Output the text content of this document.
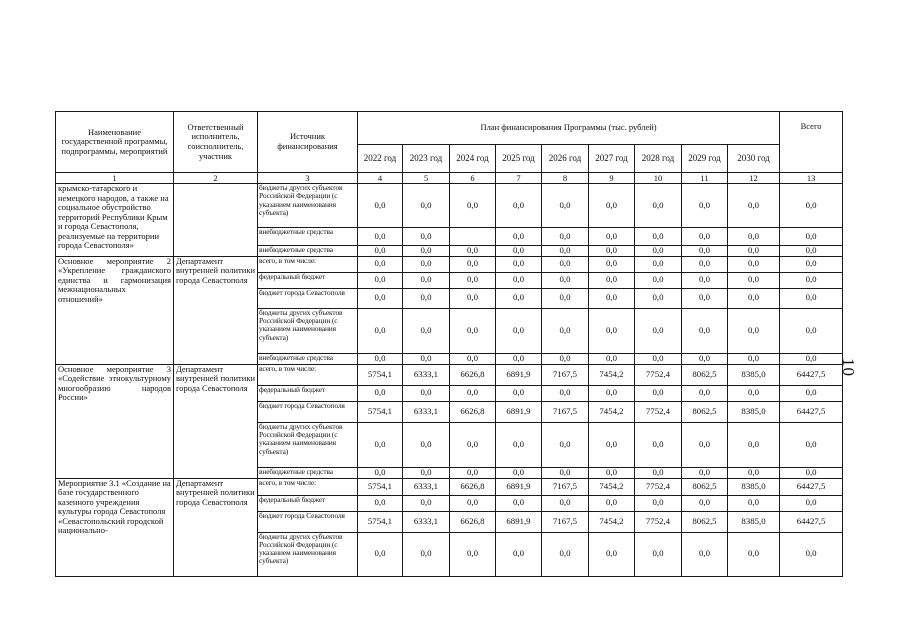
Наименование государственной программы, подпрограммы, мероприятий	Ответственный исполнитель, соисполнитель, участник	Источник финансирования	План финансирования Программы (тыс. рублей)									Всего
			2022 год	2023 год	2024 год	2025 год	2026 год	2027 год	2028 год	2029 год	2030 год	
1	2	3	4	5	6	7	8	9	10	11	12	13
крымско-татарского и немецкого народов, а также на социальное обустройство территорий Республики Крым и города Севастополя, реализуемые на территории города Севастополя»		бюджеты других субъектов Российской Федерации (с указанием наименования субъекта)	0,0	0,0	0,0	0,0	0,0	0,0	0,0	0,0	0,0	0,0
		внебюджетные средства	0,0	0,0		0,0	0,0	0,0	0,0	0,0	0,0	0,0
		внебюджетные средства	0,0	0,0	0,0	0,0	0,0	0,0	0,0	0,0	0,0	0,0
Основное мероприятие 2 «Укрепление гражданского единства и гармонизация межнациональных отношений»	Департамент внутренней политики города Севастополя	всего, в том числе:	0,0	0,0	0,0	0,0	0,0	0,0	0,0	0,0	0,0	0,0
		федеральный бюджет	0,0	0,0	0,0	0,0	0,0	0,0	0,0	0,0	0,0	0,0
		бюджет города Севастополя	0,0	0,0	0,0	0,0	0,0	0,0	0,0	0,0	0,0	0,0
		бюджеты других субъектов Российской Федерации (с указанием наименования субъекта)	0,0	0,0	0,0	0,0	0,0	0,0	0,0	0,0	0,0	0,0
		внебюджетные средства	0,0	0,0	0,0	0,0	0,0	0,0	0,0	0,0	0,0	0,0
Основное мероприятие 3 «Содействие этнокультурному многообразию народов России»	Департамент внутренней политики города Севастополя	всего, в том числе:	5754,1	6333,1	6626,8	6891,9	7167,5	7454,2	7752,4	8062,5	8385,0	64427,5
		федеральный бюджет	0,0	0,0	0,0	0,0	0,0	0,0	0,0	0,0	0,0	0,0
		бюджет города Севастополя	5754,1	6333,1	6626,8	6891,9	7167,5	7454,2	7752,4	8062,5	8385,0	64427,5
		бюджеты других субъектов Российской Федерации (с указанием наименования субъекта)	0,0	0,0	0,0	0,0	0,0	0,0	0,0	0,0	0,0	0,0
		внебюджетные средства	0,0	0,0	0,0	0,0	0,0	0,0	0,0	0,0	0,0	0,0
Мероприятие 3.1 «Создание на базе государственного казенного учреждения культуры города Севастополя «Севастопольский городской национально-	Департамент внутренней политики города Севастополя	всего, в том числе:	5754,1	6333,1	6626,8	6891,9	7167,5	7454,2	7752,4	8062,5	8385,0	64427,5
		федеральный бюджет	0,0	0,0	0,0	0,0	0,0	0,0	0,0	0,0	0,0	0,0
		бюджет города Севастополя	5754,1	6333,1	6626,8	6891,9	7167,5	7454,2	7752,4	8062,5	8385,0	64427,5
		бюджеты других субъектов Российской Федерации (с указанием наименования субъекта)	0,0	0,0	0,0	0,0	0,0	0,0	0,0	0,0	0,0	0,0
10
